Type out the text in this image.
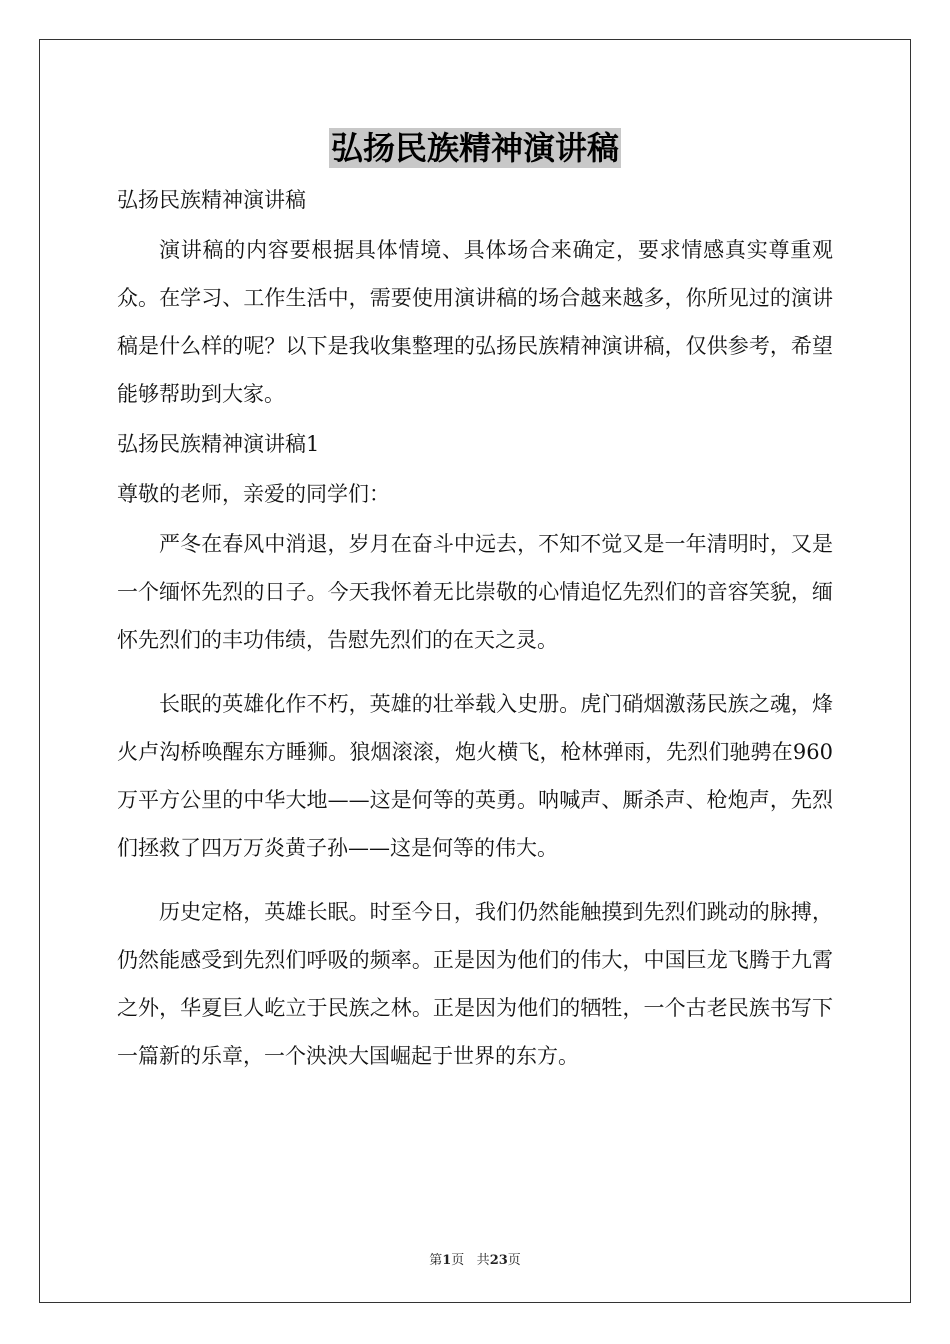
弘扬民族精神演讲稿

弘扬民族精神演讲稿

演讲稿的内容要根据具体情境、具体场合来确定，要求情感真实尊重观众。在学习、工作生活中，需要使用演讲稿的场合越来越多，你所见过的演讲稿是什么样的呢？以下是我收集整理的弘扬民族精神演讲稿，仅供参考，希望能够帮助到大家。

弘扬民族精神演讲稿1

尊敬的老师，亲爱的同学们：

严冬在春风中消退，岁月在奋斗中远去，不知不觉又是一年清明时，又是一个缅怀先烈的日子。今天我怀着无比崇敬的心情追忆先烈们的音容笑貌，缅怀先烈们的丰功伟绩，告慰先烈们的在天之灵。

长眠的英雄化作不朽，英雄的壮举载入史册。虎门硝烟激荡民族之魂，烽火卢沟桥唤醒东方睡狮。狼烟滚滚，炮火横飞，枪林弹雨，先烈们驰骋在960万平方公里的中华大地——这是何等的英勇。呐喊声、厮杀声、枪炮声，先烈们拯救了四万万炎黄子孙——这是何等的伟大。

历史定格，英雄长眠。时至今日，我们仍然能触摸到先烈们跳动的脉搏，仍然能感受到先烈们呼吸的频率。正是因为他们的伟大，中国巨龙飞腾于九霄之外，华夏巨人屹立于民族之林。正是因为他们的牺牲，一个古老民族书写下一篇新的乐章，一个泱泱大国崛起于世界的东方。

第1页 共23页
